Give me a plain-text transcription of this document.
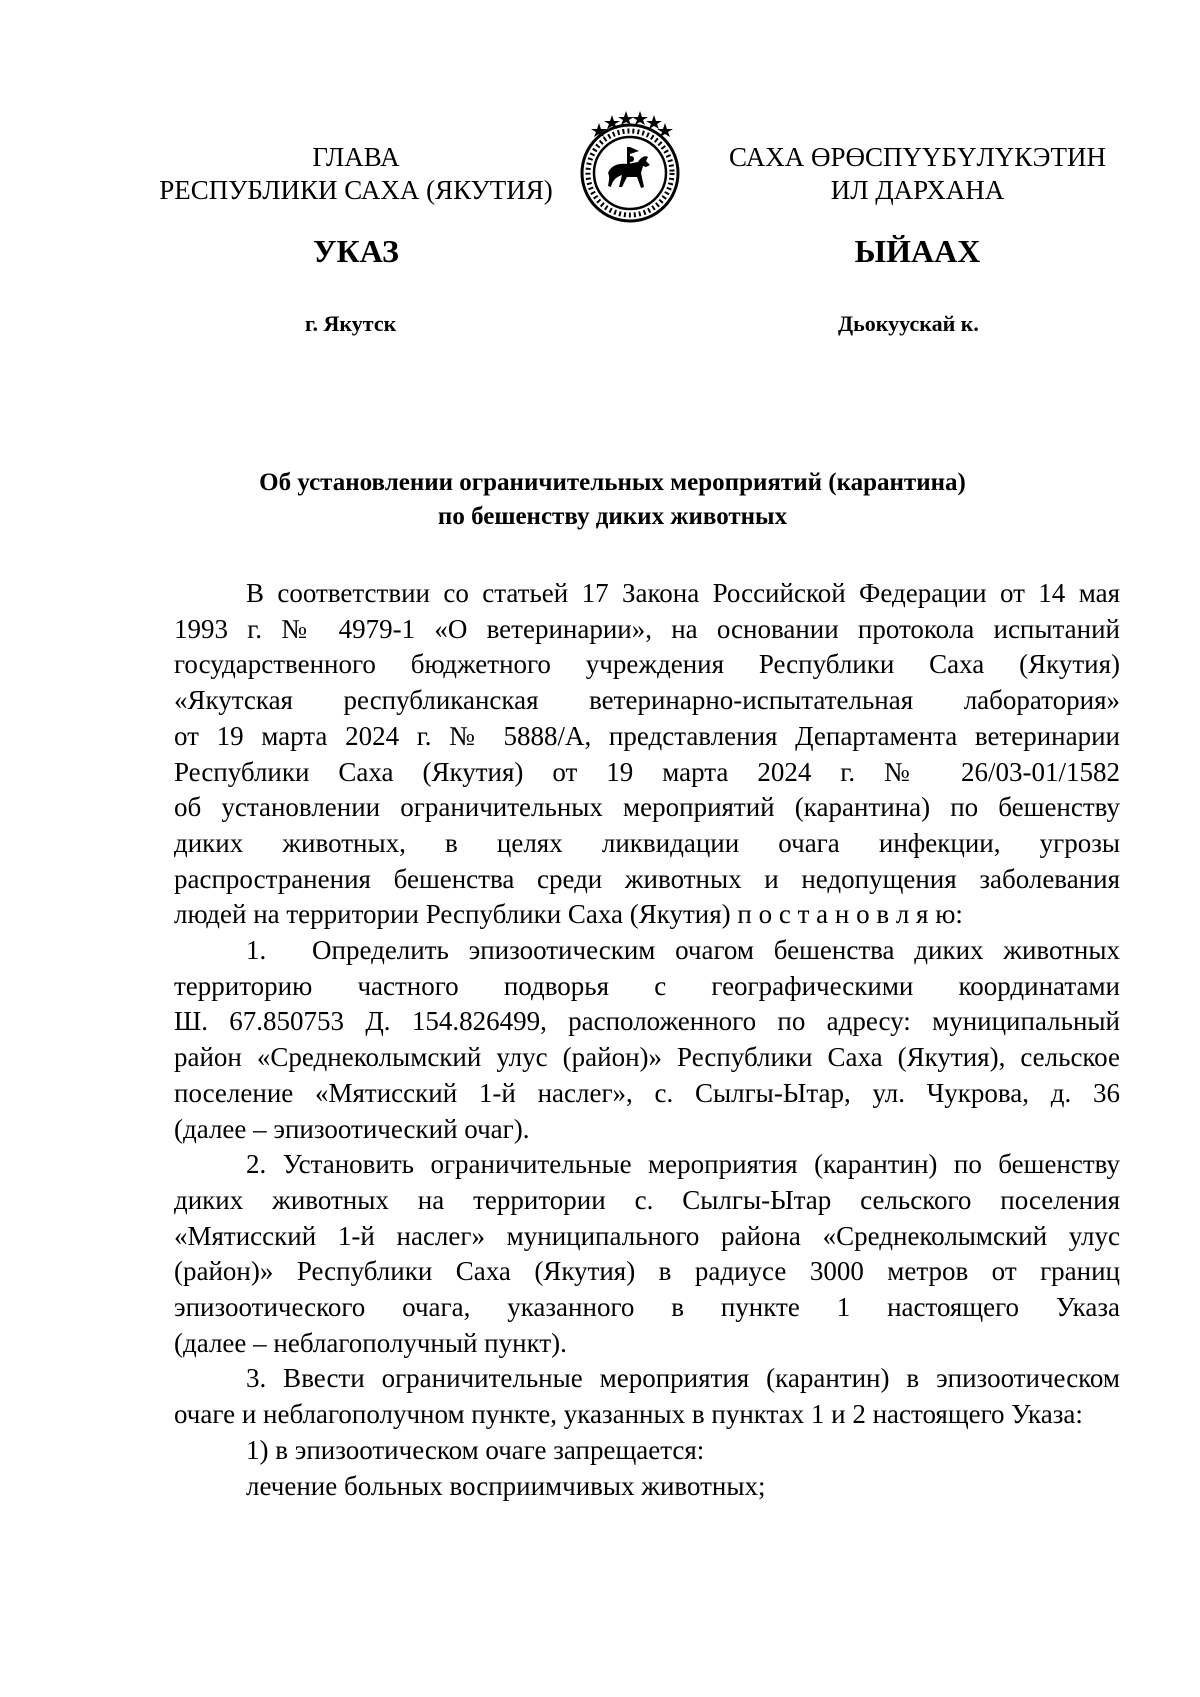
ГЛАВА
РЕСПУБЛИКИ САХА (ЯКУТИЯ)
САХА ӨРӨСПҮҮБҮЛҮКЭТИН
ИЛ ДАРХАНА
УКАЗ	ЫЙААХ
г. Якутск	Дьокуускай к.
Об установлении ограничительных мероприятий (карантина)
по бешенству диких животных
В соответствии со статьей 17 Закона Российской Федерации от 14 мая
1993 г. № 4979-1 «О ветеринарии», на основании протокола испытаний
государственного бюджетного учреждения Республики Саха (Якутия)
«Якутская республиканская ветеринарно-испытательная лаборатория»
от 19 марта 2024 г. № 5888/А, представления Департамента ветеринарии
Республики Саха (Якутия) от 19 марта 2024 г. № 26/03-01/1582
об установлении ограничительных мероприятий (карантина) по бешенству
диких животных, в целях ликвидации очага инфекции, угрозы
распространения бешенства среди животных и недопущения заболевания
людей на территории Республики Саха (Якутия) п о с т а н о в л я ю:
1. Определить эпизоотическим очагом бешенства диких животных
территорию частного подворья с географическими координатами
Ш. 67.850753 Д. 154.826499, расположенного по адресу: муниципальный
район «Среднеколымский улус (район)» Республики Саха (Якутия), сельское
поселение «Мятисский 1-й наслег», с. Сылгы-Ытар, ул. Чукрова, д. 36
(далее – эпизоотический очаг).
2. Установить ограничительные мероприятия (карантин) по бешенству
диких животных на территории с. Сылгы-Ытар сельского поселения
«Мятисский 1-й наслег» муниципального района «Среднеколымский улус
(район)» Республики Саха (Якутия) в радиусе 3000 метров от границ
эпизоотического очага, указанного в пункте 1 настоящего Указа
(далее – неблагополучный пункт).
3. Ввести ограничительные мероприятия (карантин) в эпизоотическом
очаге и неблагополучном пункте, указанных в пунктах 1 и 2 настоящего Указа:
1) в эпизоотическом очаге запрещается:
лечение больных восприимчивых животных;
